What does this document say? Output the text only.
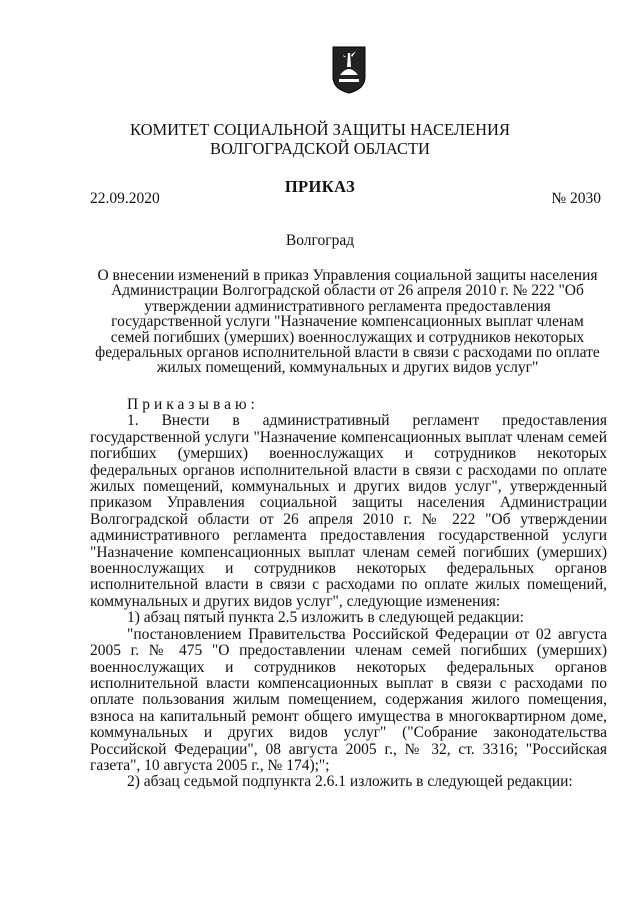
КОМИТЕТ СОЦИАЛЬНОЙ ЗАЩИТЫ НАСЕЛЕНИЯ
ВОЛГОГРАДСКОЙ ОБЛАСТИ
ПРИКАЗ
22.09.2020	№ 2030
Волгоград
О внесении изменений в приказ Управления социальной защиты населения Администрации Волгоградской области от 26 апреля 2010 г. № 222 "Об утверждении административного регламента предоставления государственной услуги "Назначение компенсационных выплат членам семей погибших (умерших) военнослужащих и сотрудников некоторых федеральных органов исполнительной власти в связи с расходами по оплате жилых помещений, коммунальных и других видов услуг"

Приказываю:

1. Внести в административный регламент предоставления государственной услуги "Назначение компенсационных выплат членам семей погибших (умерших) военнослужащих и сотрудников некоторых федеральных органов исполнительной власти в связи с расходами по оплате жилых помещений, коммунальных и других видов услуг", утвержденный приказом Управления социальной защиты населения Администрации Волгоградской области от 26 апреля 2010 г. № 222 "Об утверждении административного регламента предоставления государственной услуги "Назначение компенсационных выплат членам семей погибших (умерших) военнослужащих и сотрудников некоторых федеральных органов исполнительной власти в связи с расходами по оплате жилых помещений, коммунальных и других видов услуг", следующие изменения:

1) абзац пятый пункта 2.5 изложить в следующей редакции:

"постановлением Правительства Российской Федерации от 02 августа 2005 г. № 475 "О предоставлении членам семей погибших (умерших) военнослужащих и сотрудников некоторых федеральных органов исполнительной власти компенсационных выплат в связи с расходами по оплате пользования жилым помещением, содержания жилого помещения, взноса на капитальный ремонт общего имущества в многоквартирном доме, коммунальных и других видов услуг" ("Собрание законодательства Российской Федерации", 08 августа 2005 г., № 32, ст. 3316; "Российская газета", 10 августа 2005 г., № 174);";

2) абзац седьмой подпункта 2.6.1 изложить в следующей редакции:
